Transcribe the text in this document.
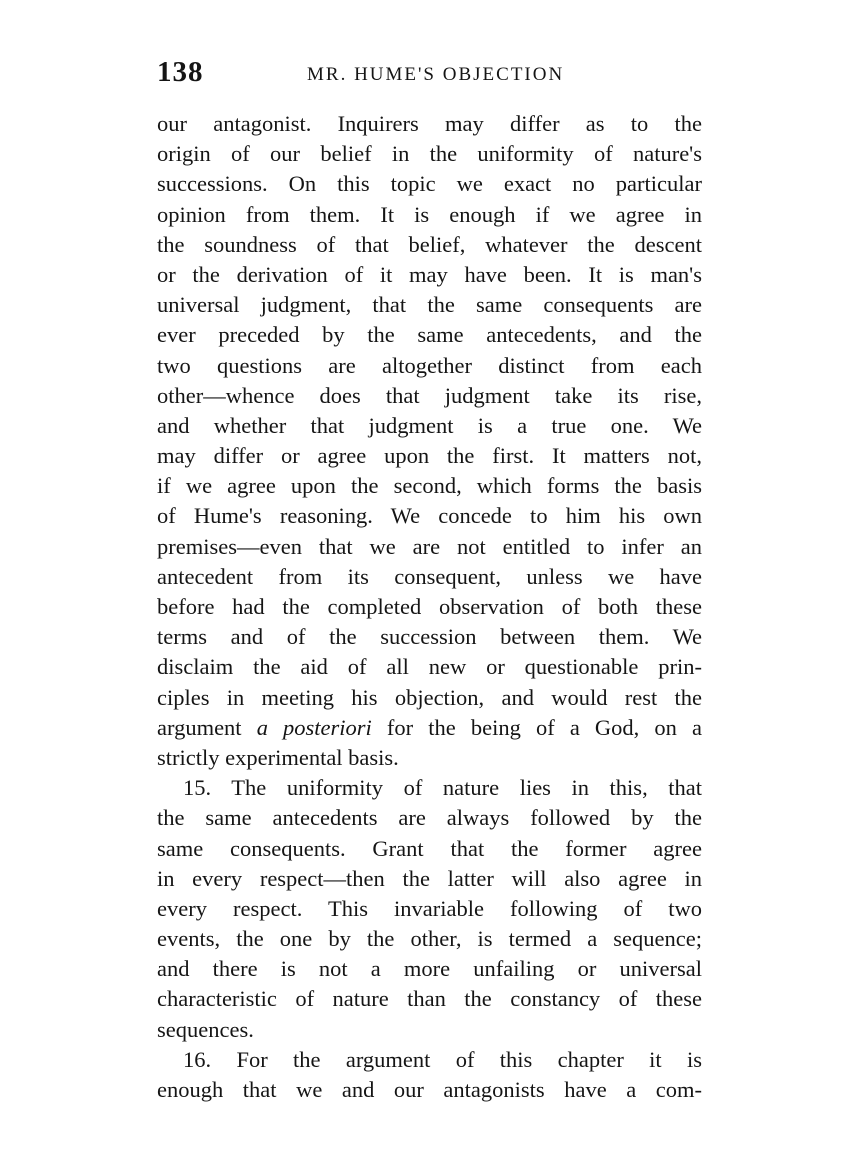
138	MR. HUME'S OBJECTION
our antagonist. Inquirers may differ as to the
origin of our belief in the uniformity of nature's
successions. On this topic we exact no particular
opinion from them. It is enough if we agree in
the soundness of that belief, whatever the descent
or the derivation of it may have been. It is man's
universal judgment, that the same consequents are
ever preceded by the same antecedents, and the
two questions are altogether distinct from each
other—whence does that judgment take its rise,
and whether that judgment is a true one. We
may differ or agree upon the first. It matters not,
if we agree upon the second, which forms the basis
of Hume's reasoning. We concede to him his own
premises—even that we are not entitled to infer an
antecedent from its consequent, unless we have
before had the completed observation of both these
terms and of the succession between them. We
disclaim the aid of all new or questionable prin-
ciples in meeting his objection, and would rest the
argument a posteriori for the being of a God, on a
strictly experimental basis.
15. The uniformity of nature lies in this, that
the same antecedents are always followed by the
same consequents. Grant that the former agree
in every respect—then the latter will also agree in
every respect. This invariable following of two
events, the one by the other, is termed a sequence;
and there is not a more unfailing or universal
characteristic of nature than the constancy of these
sequences.
16. For the argument of this chapter it is
enough that we and our antagonists have a com-
